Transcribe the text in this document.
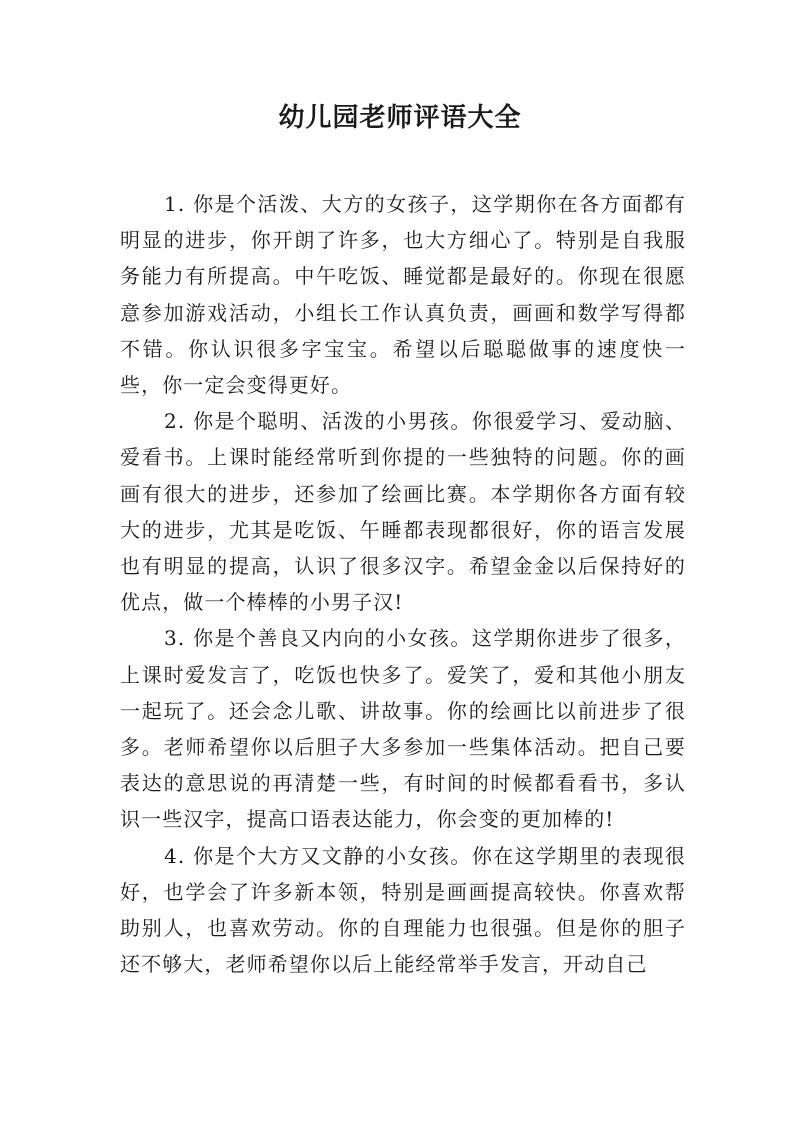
幼儿园老师评语大全

1. 你是个活泼、大方的女孩子，这学期你在各方面都有明显的进步，你开朗了许多，也大方细心了。特别是自我服务能力有所提高。中午吃饭、睡觉都是最好的。你现在很愿意参加游戏活动，小组长工作认真负责，画画和数学写得都不错。你认识很多字宝宝。希望以后聪聪做事的速度快一些，你一定会变得更好。

2. 你是个聪明、活泼的小男孩。你很爱学习、爱动脑、爱看书。上课时能经常听到你提的一些独特的问题。你的画画有很大的进步，还参加了绘画比赛。本学期你各方面有较大的进步，尤其是吃饭、午睡都表现都很好，你的语言发展也有明显的提高，认识了很多汉字。希望金金以后保持好的优点，做一个棒棒的小男子汉!

3. 你是个善良又内向的小女孩。这学期你进步了很多，上课时爱发言了，吃饭也快多了。爱笑了，爱和其他小朋友一起玩了。还会念儿歌、讲故事。你的绘画比以前进步了很多。老师希望你以后胆子大多参加一些集体活动。把自己要表达的意思说的再清楚一些，有时间的时候都看看书，多认识一些汉字，提高口语表达能力，你会变的更加棒的!

4. 你是个大方又文静的小女孩。你在这学期里的表现很好，也学会了许多新本领，特别是画画提高较快。你喜欢帮助别人，也喜欢劳动。你的自理能力也很强。但是你的胆子还不够大，老师希望你以后上能经常举手发言，开动自己
